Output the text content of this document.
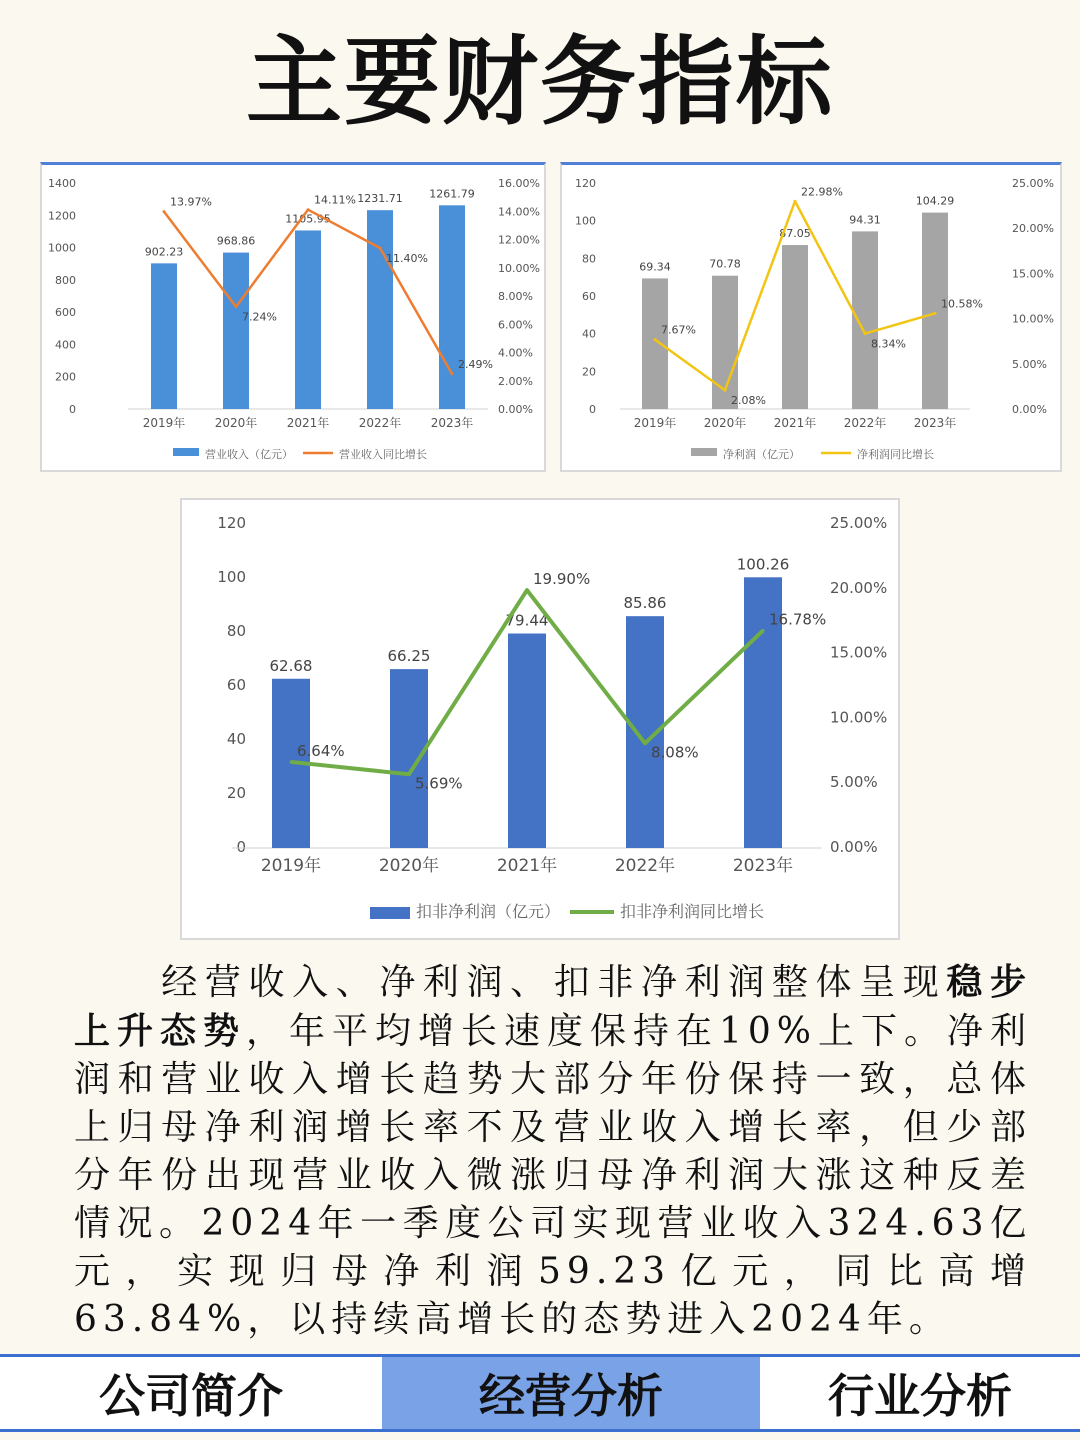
主要财务指标
0
200
400
600
800
1000
1200
1400
0.00%
2.00%
4.00%
6.00%
8.00%
10.00%
12.00%
14.00%
16.00%
902.23
968.86
1105.95
1231.71 1261.79
2019年 2020年 2021年 2022年 2023年
13.97%
7.24%
14.11%
11.40%
2.49%
营业收入（亿元）	营业收入同比增长
0
20
40
60
80
100
120
0.00%
5.00%
10.00%
15.00%
20.00%
25.00%
69.34	70.78
87.05
94.31
104.29
2019年 2020年 2021年 2022年 2023年
7.67%
2.08%
22.98%
8.34%
10.58%
净利润（亿元）	净利润同比增长
0
20
40
60
80
100
120
0.00%
5.00%
10.00%
15.00%
20.00%
25.00%
62.68
66.25
79.44
85.86
100.26
2019年	2020年	2021年	2022年	2023年
6.64%
5.69%
19.90%
8.08%
16.78%
扣非净利润（亿元）	扣非净利润同比增长
　　经营收入、净利润、扣非净利润整体呈现稳步上升态势，年平均增长速度保持在10%上下。净利润和营业收入增长趋势大部分年份保持一致，总体上归母净利润增长率不及营业收入增长率，但少部分年份出现营业收入微涨归母净利润大涨这种反差情况。2024年一季度公司实现营业收入324.63亿元，实现归母净利润59.23亿元，同比高增63.84%，以持续高增长的态势进入2024年。
公司简介	经营分析	行业分析
